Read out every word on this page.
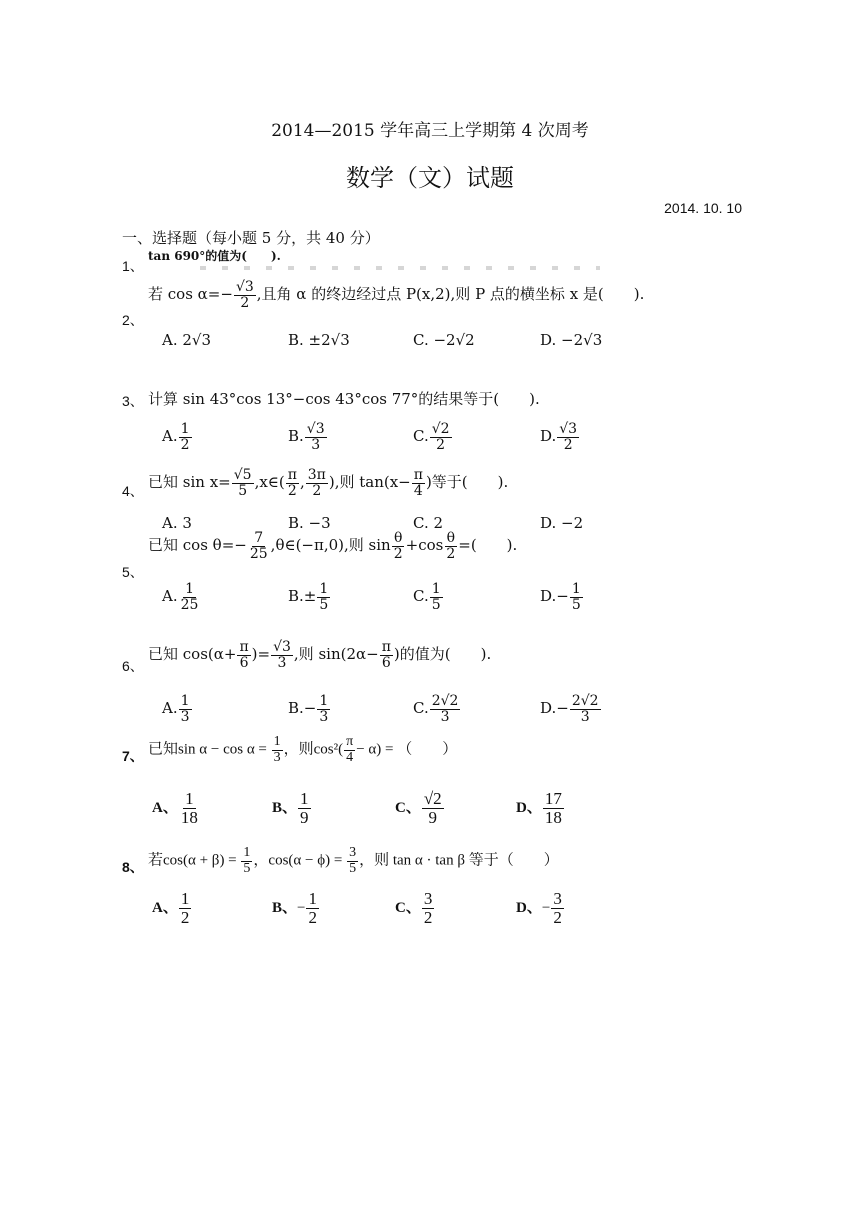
2014—2015 学年高三上学期第 4 次周考
数学（文）试题
2014. 10. 10
一、选择题（每小题 5 分，共 40 分）
1、
tan 690°的值为(　　).
若 $\cos \alpha=- \frac{√3}{2}$ ,且角 α 的终边经过点 P(x,2),则 P 点的横坐标 x 是(　　).
2、
A. 2√3	B. ±2√3	C. −2√2	D. −2√3
3、 计算 sin 43°cos 13°−cos 43°cos 77°的结果等于(　　).
A. $\frac{1}{2}$	B. $\frac{√3}{3}$	C. $\frac{√2}{2}$	D. $\frac{√3}{2}$
4、 已知 $\sin x= \frac{√5}{5}$ ,x∈( $\frac{\pi}{2}$ , $\frac{3\pi}{2}$ ),则 $\tan(x- \frac{\pi}{4}$ )等于(　　).
A. 3	B. −3	C. 2	D. −2
已知 $\cos \theta=- \frac{7}{25}$ ,θ∈(−π,0),则 $\sin \frac{\theta}{2} +\cos \frac{\theta}{2}$ =(　　).
5、
A. $\frac{1}{25}$	$B.\pm \frac{1}{5}$	C. $\frac{1}{5}$	$D.- \frac{1}{5}$
6、
已知 $\cos(\alpha+ \frac{\pi}{6}$ )= $\frac{√3}{3}$ ,则 $\sin(2\alpha- \frac{\pi}{6}$ )的值为(　　).
A. $\frac{1}{3}$	$B.- \frac{1}{3}$	C. $\frac{2√2}{3}$	$D.- \frac{2√2}{3}$
7、 已知$\sin \alpha - \cos \alpha = \frac{1}{3}$ ，则$\cos^2( \frac{\pi}{4} - \alpha)$ = （　　）
A、 $\frac{1}{18}$	B、 $\frac{1}{9}$	C、 $\frac{√2}{9}$	D、 $\frac{17}{18}$
8、 若$\cos(\alpha + \beta) = \frac{1}{5}$ ，$\cos(\alpha - \phi) = \frac{3}{5}$ ，则 tan α · tan β 等于（　　）
A、 $\frac{1}{2}$	B、− $\frac{1}{2}$	C、 $\frac{3}{2}$	D、− $\frac{3}{2}$
